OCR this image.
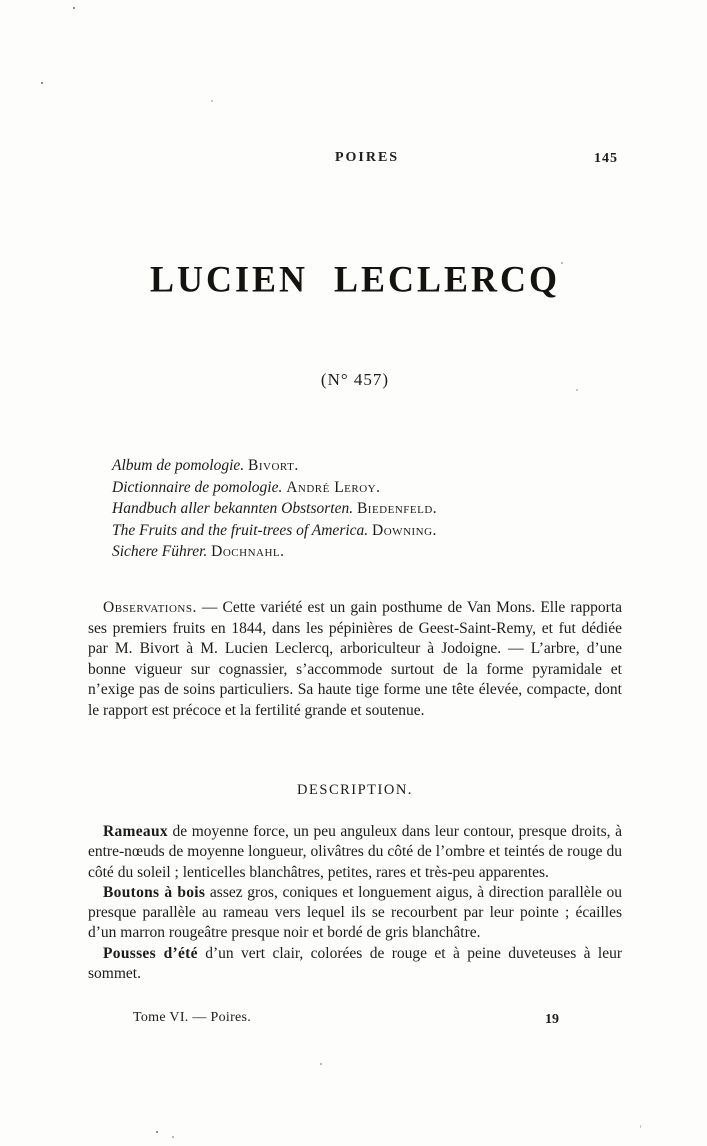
POIRES	145
LUCIEN LECLERCQ
(N° 457)
Album de pomologie. Bivort.
Dictionnaire de pomologie. André Leroy.
Handbuch aller bekannten Obstsorten. Biedenfeld.
The Fruits and the fruit-trees of America. Downing.
Sichere Führer. Dochnahl.
Observations. — Cette variété est un gain posthume de Van Mons. Elle rapporta ses premiers fruits en 1844, dans les pépinières de Geest-Saint-Remy, et fut dédiée par M. Bivort à M. Lucien Leclercq, arboriculteur à Jodoigne. — L’arbre, d’une bonne vigueur sur cognassier, s’accommode surtout de la forme pyramidale et n’exige pas de soins particuliers. Sa haute tige forme une tête élevée, compacte, dont le rapport est précoce et la fertilité grande et soutenue.
DESCRIPTION.

Rameaux de moyenne force, un peu anguleux dans leur contour, presque droits, à entre-nœuds de moyenne longueur, olivâtres du côté de l’ombre et teintés de rouge du côté du soleil ; lenticelles blanchâtres, petites, rares et très-peu apparentes.

Boutons à bois assez gros, coniques et longuement aigus, à direction parallèle ou presque parallèle au rameau vers lequel ils se recourbent par leur pointe ; écailles d’un marron rougeâtre presque noir et bordé de gris blanchâtre.

Pousses d’été d’un vert clair, colorées de rouge et à peine duveteuses à leur sommet.

Tome VI. — Poires.	19
